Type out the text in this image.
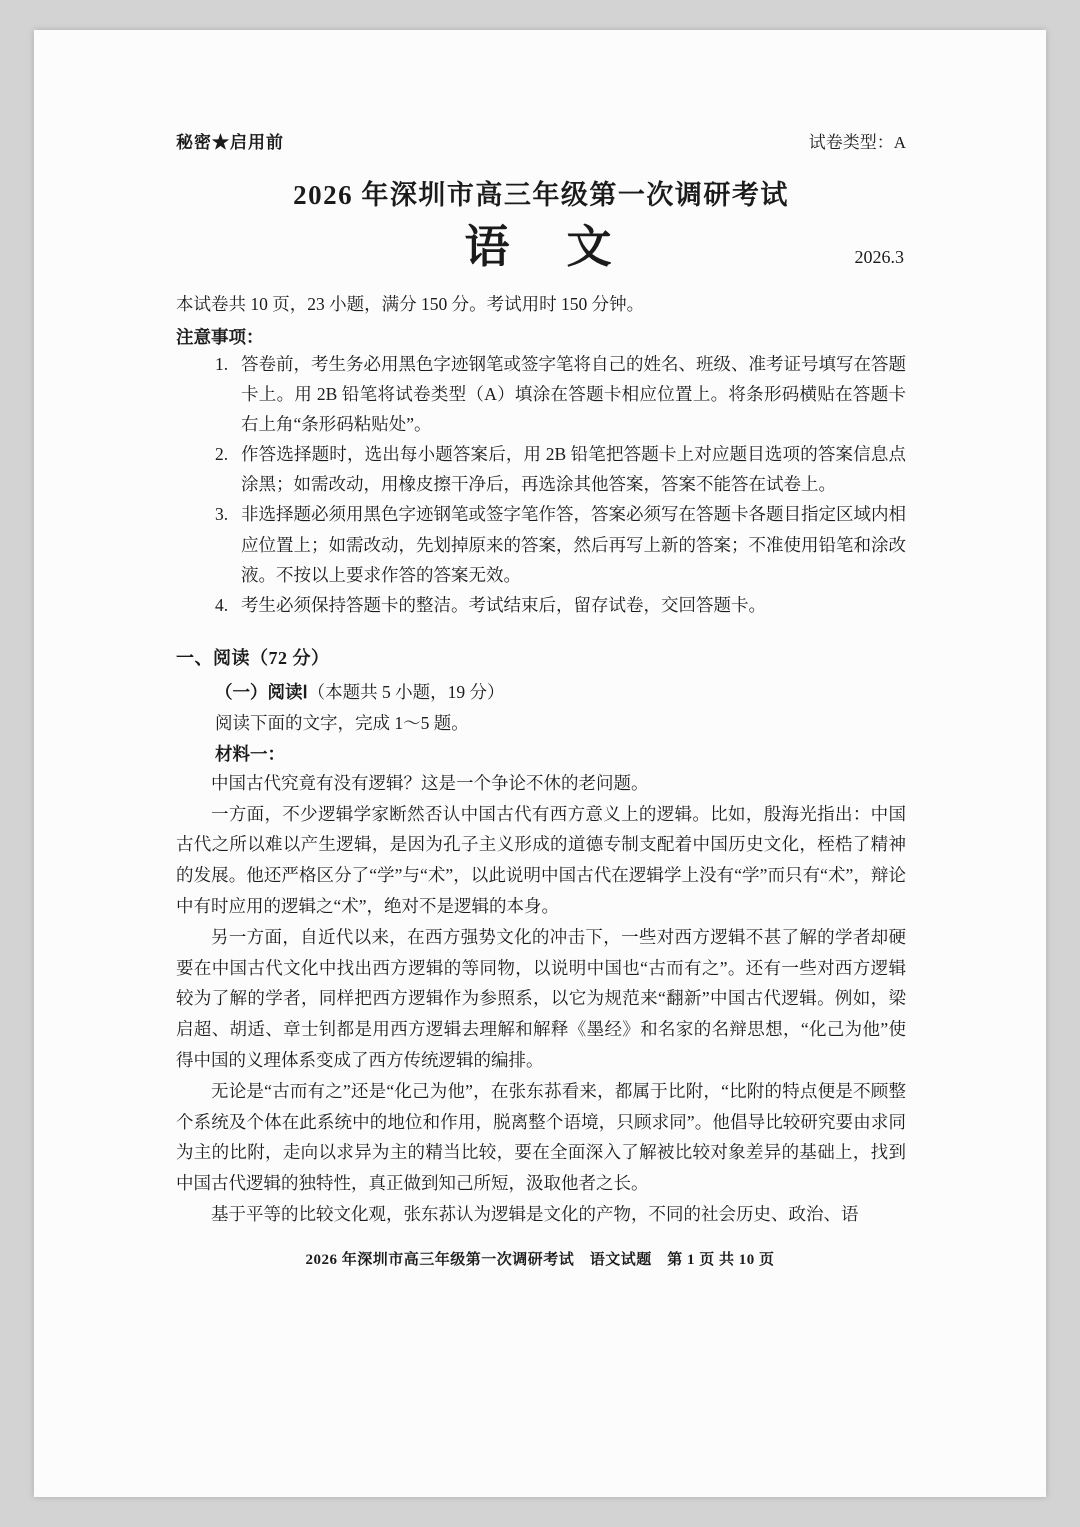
秘密★启用前	试卷类型：A
2026 年深圳市高三年级第一次调研考试
语　文	2026.3
本试卷共 10 页，23 小题，满分 150 分。考试用时 150 分钟。
注意事项：
1. 答卷前，考生务必用黑色字迹钢笔或签字笔将自己的姓名、班级、准考证号填写在答题卡上。用 2B 铅笔将试卷类型（A）填涂在答题卡相应位置上。将条形码横贴在答题卡右上角“条形码粘贴处”。
2. 作答选择题时，选出每小题答案后，用 2B 铅笔把答题卡上对应题目选项的答案信息点涂黑；如需改动，用橡皮擦干净后，再选涂其他答案，答案不能答在试卷上。
3. 非选择题必须用黑色字迹钢笔或签字笔作答，答案必须写在答题卡各题目指定区域内相应位置上；如需改动，先划掉原来的答案，然后再写上新的答案；不准使用铅笔和涂改液。不按以上要求作答的答案无效。
4. 考生必须保持答题卡的整洁。考试结束后，留存试卷，交回答题卡。
一、阅读（72 分）
（一）阅读Ⅰ（本题共 5 小题，19 分）
阅读下面的文字，完成 1～5 题。
材料一：

中国古代究竟有没有逻辑？这是一个争论不休的老问题。

一方面，不少逻辑学家断然否认中国古代有西方意义上的逻辑。比如，殷海光指出：中国古代之所以难以产生逻辑，是因为孔子主义形成的道德专制支配着中国历史文化，桎梏了精神的发展。他还严格区分了“学”与“术”，以此说明中国古代在逻辑学上没有“学”而只有“术”，辩论中有时应用的逻辑之“术”，绝对不是逻辑的本身。

另一方面，自近代以来，在西方强势文化的冲击下，一些对西方逻辑不甚了解的学者却硬要在中国古代文化中找出西方逻辑的等同物，以说明中国也“古而有之”。还有一些对西方逻辑较为了解的学者，同样把西方逻辑作为参照系，以它为规范来“翻新”中国古代逻辑。例如，梁启超、胡适、章士钊都是用西方逻辑去理解和解释《墨经》和名家的名辩思想，“化己为他”使得中国的义理体系变成了西方传统逻辑的编排。

无论是“古而有之”还是“化己为他”，在张东荪看来，都属于比附，“比附的特点便是不顾整个系统及个体在此系统中的地位和作用，脱离整个语境，只顾求同”。他倡导比较研究要由求同为主的比附，走向以求异为主的精当比较，要在全面深入了解被比较对象差异的基础上，找到中国古代逻辑的独特性，真正做到知己所短，汲取他者之长。

基于平等的比较文化观，张东荪认为逻辑是文化的产物，不同的社会历史、政治、语

2026 年深圳市高三年级第一次调研考试　语文试题　第 1 页 共 10 页
